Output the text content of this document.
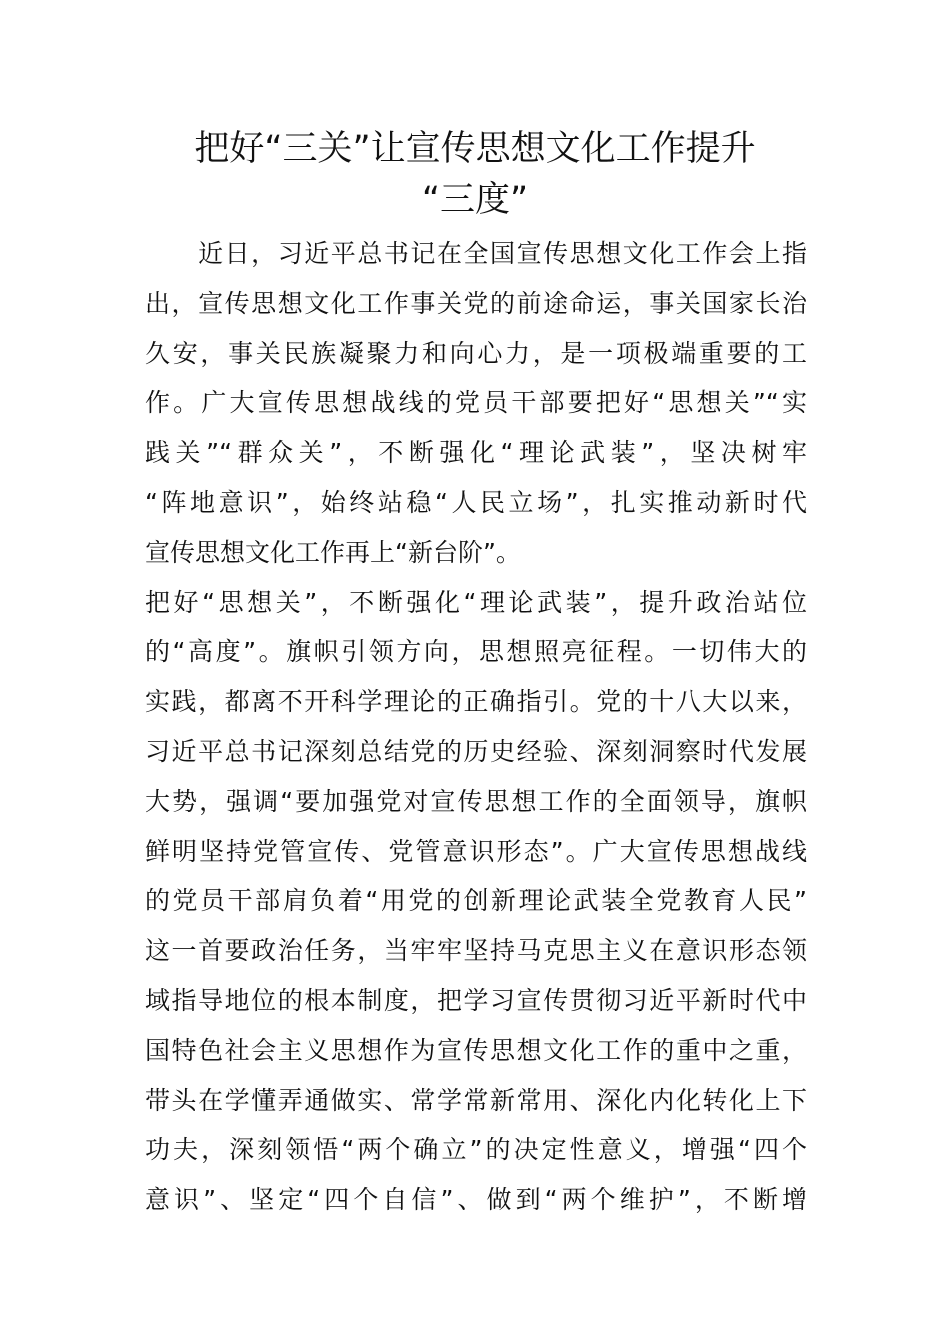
把好“三关”让宣传思想文化工作提升
“三度”
　　近日，习近平总书记在全国宣传思想文化工作会上指
出，宣传思想文化工作事关党的前途命运，事关国家长治
久安，事关民族凝聚力和向心力，是一项极端重要的工
作。广大宣传思想战线的党员干部要把好“思想关”“实
践关”“群众关”，不断强化“理论武装”，坚决树牢
“阵地意识”，始终站稳“人民立场”，扎实推动新时代
宣传思想文化工作再上“新台阶”。
把好“思想关”，不断强化“理论武装”，提升政治站位
的“高度”。旗帜引领方向，思想照亮征程。一切伟大的
实践，都离不开科学理论的正确指引。党的十八大以来，
习近平总书记深刻总结党的历史经验、深刻洞察时代发展
大势，强调“要加强党对宣传思想工作的全面领导，旗帜
鲜明坚持党管宣传、党管意识形态”。广大宣传思想战线
的党员干部肩负着“用党的创新理论武装全党教育人民”
这一首要政治任务，当牢牢坚持马克思主义在意识形态领
域指导地位的根本制度，把学习宣传贯彻习近平新时代中
国特色社会主义思想作为宣传思想文化工作的重中之重，
带头在学懂弄通做实、常学常新常用、深化内化转化上下
功夫，深刻领悟“两个确立”的决定性意义，增强“四个
意识”、坚定“四个自信”、做到“两个维护”，不断增
